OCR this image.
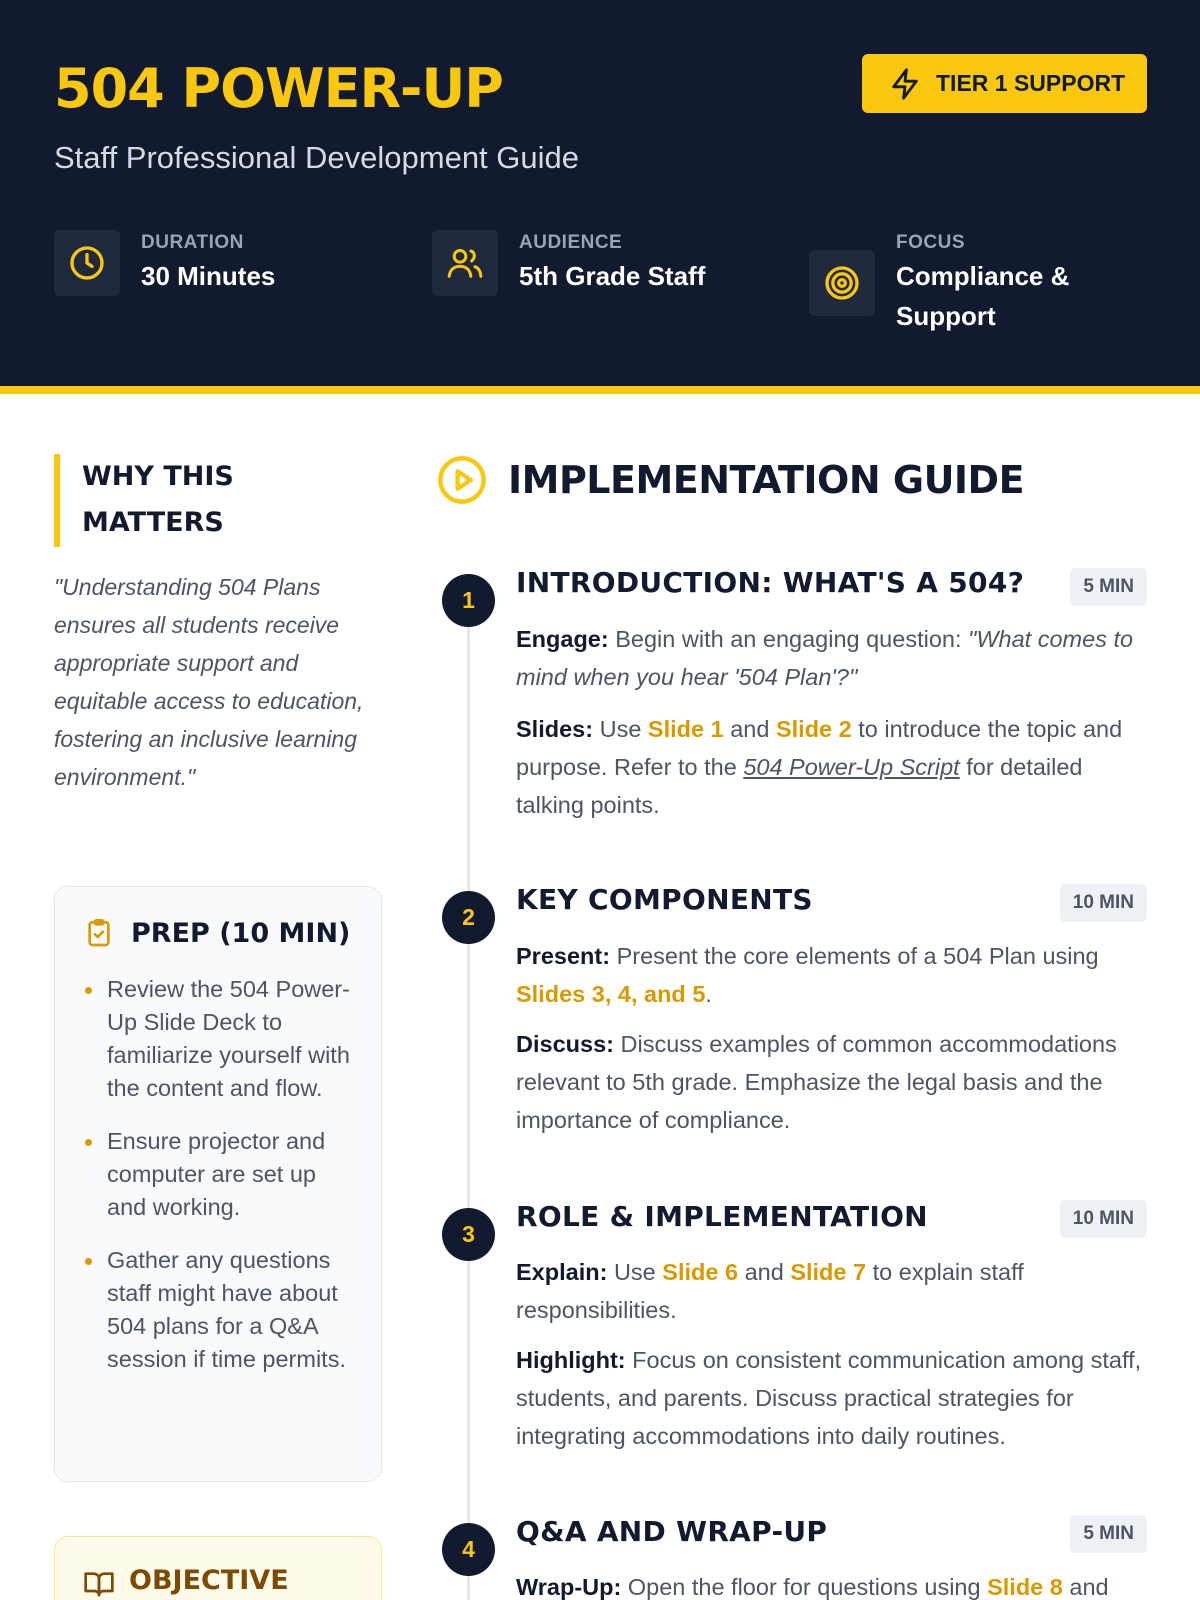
504 POWER-UP
Staff Professional Development Guide
TIER 1 SUPPORT
DURATION
30 Minutes
AUDIENCE
5th Grade Staff
FOCUS
Compliance & Support
WHY THIS
MATTERS
"Understanding 504 Plans ensures all students receive appropriate support and equitable access to education, fostering an inclusive learning environment."
PREP (10 MIN)
Review the 504 Power-Up Slide Deck to familiarize yourself with the content and flow.
Ensure projector and computer are set up and working.
Gather any questions staff might have about 504 plans for a Q&A session if time permits.
OBJECTIVE
IMPLEMENTATION GUIDE
1
INTRODUCTION: WHAT'S A 504?	5 MIN
Engage: Begin with an engaging question: "What comes to mind when you hear '504 Plan'?"
Slides: Use Slide 1 and Slide 2 to introduce the topic and purpose. Refer to the 504 Power-Up Script for detailed talking points.
2
KEY COMPONENTS	10 MIN
Present: Present the core elements of a 504 Plan using Slides 3, 4, and 5.
Discuss: Discuss examples of common accommodations relevant to 5th grade. Emphasize the legal basis and the importance of compliance.
3
ROLE & IMPLEMENTATION	10 MIN
Explain: Use Slide 6 and Slide 7 to explain staff responsibilities.
Highlight: Focus on consistent communication among staff, students, and parents. Discuss practical strategies for integrating accommodations into daily routines.
4
Q&A AND WRAP-UP	5 MIN
Wrap-Up: Open the floor for questions using Slide 8 and
